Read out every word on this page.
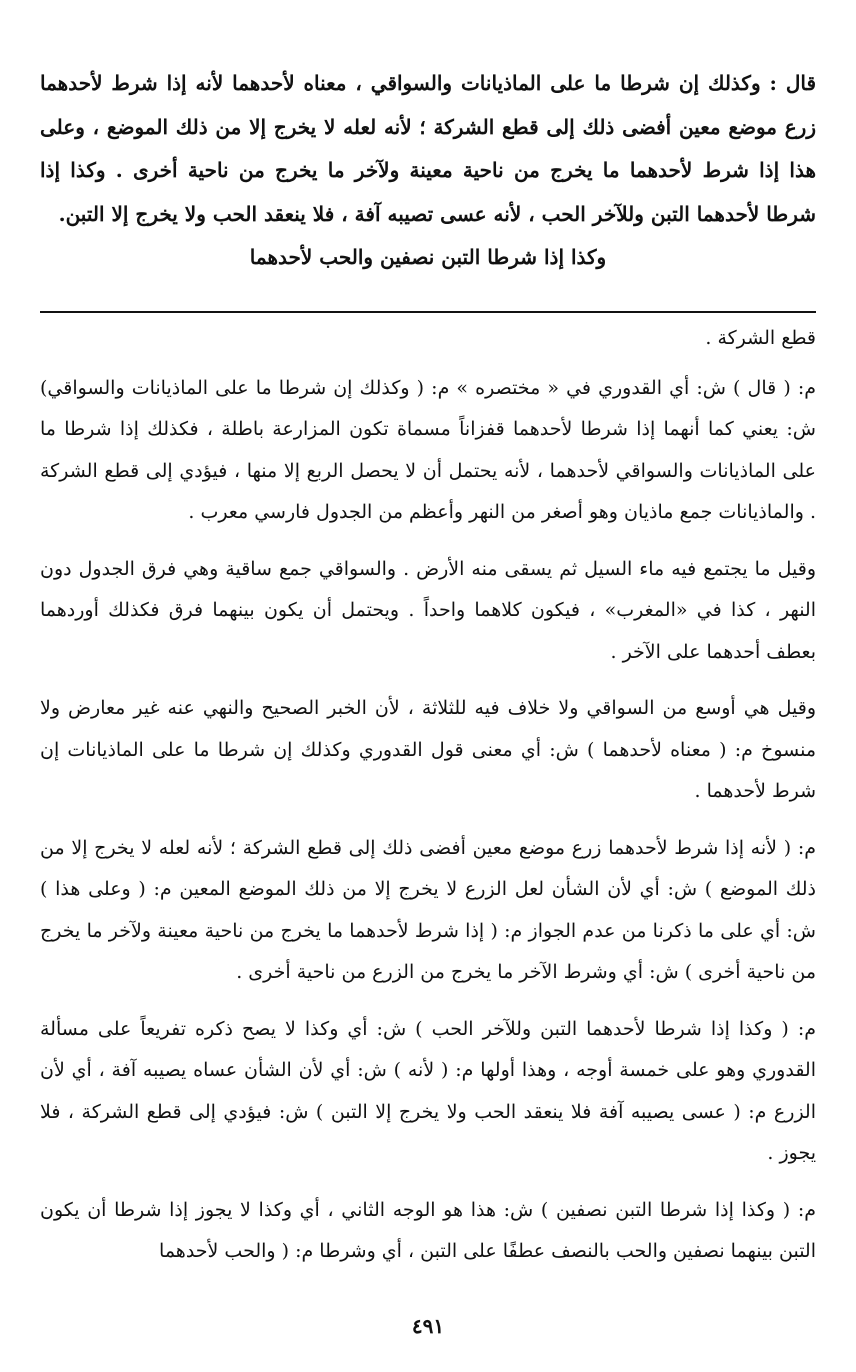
قال : وكذلك إن شرطا ما على الماذيانات والسواقي ، معناه لأحدهما لأنه إذا شرط لأحدهما زرع موضع معين أفضى ذلك إلى قطع الشركة ؛ لأنه لعله لا يخرج إلا من ذلك الموضع ، وعلى هذا إذا شرط لأحدهما ما يخرج من ناحية معينة ولآخر ما يخرج من ناحية أخرى . وكذا إذا شرطا لأحدهما التبن وللآخر الحب ، لأنه عسى تصيبه آفة ، فلا ينعقد الحب ولا يخرج إلا التبن.

وكذا إذا شرطا التبن نصفين والحب لأحدهما

قطع الشركة .

م: ( قال ) ش: أي القدوري في « مختصره » م: ( وكذلك إن شرطا ما على الماذيانات والسواقي) ش: يعني كما أنهما إذا شرطا لأحدهما قفزاناً مسماة تكون المزارعة باطلة ، فكذلك إذا شرطا ما على الماذيانات والسواقي لأحدهما ، لأنه يحتمل أن لا يحصل الربع إلا منها ، فيؤدي إلى قطع الشركة . والماذيانات جمع ماذيان وهو أصغر من النهر وأعظم من الجدول فارسي معرب .

وقيل ما يجتمع فيه ماء السيل ثم يسقى منه الأرض . والسواقي جمع ساقية وهي فرق الجدول دون النهر ، كذا في «المغرب» ، فيكون كلاهما واحداً . ويحتمل أن يكون بينهما فرق فكذلك أوردهما بعطف أحدهما على الآخر .

وقيل هي أوسع من السواقي ولا خلاف فيه للثلاثة ، لأن الخبر الصحيح والنهي عنه غير معارض ولا منسوخ م: ( معناه لأحدهما ) ش: أي معنى قول القدوري وكذلك إن شرطا ما على الماذيانات إن شرط لأحدهما .

م: ( لأنه إذا شرط لأحدهما زرع موضع معين أفضى ذلك إلى قطع الشركة ؛ لأنه لعله لا يخرج إلا من ذلك الموضع ) ش: أي لأن الشأن لعل الزرع لا يخرج إلا من ذلك الموضع المعين م: ( وعلى هذا ) ش: أي على ما ذكرنا من عدم الجواز م: ( إذا شرط لأحدهما ما يخرج من ناحية معينة ولآخر ما يخرج من ناحية أخرى ) ش: أي وشرط الآخر ما يخرج من الزرع من ناحية أخرى .

م: ( وكذا إذا شرطا لأحدهما التبن وللآخر الحب ) ش: أي وكذا لا يصح ذكره تفريعاً على مسألة القدوري وهو على خمسة أوجه ، وهذا أولها م: ( لأنه ) ش: أي لأن الشأن عساه يصيبه آفة ، أي لأن الزرع م: ( عسى يصيبه آفة فلا ينعقد الحب ولا يخرج إلا التبن ) ش: فيؤدي إلى قطع الشركة ، فلا يجوز .

م: ( وكذا إذا شرطا التبن نصفين ) ش: هذا هو الوجه الثاني ، أي وكذا لا يجوز إذا شرطا أن يكون التبن بينهما نصفين والحب بالنصف عطفًا على التبن ، أي وشرطا م: ( والحب لأحدهما

٤٩١
